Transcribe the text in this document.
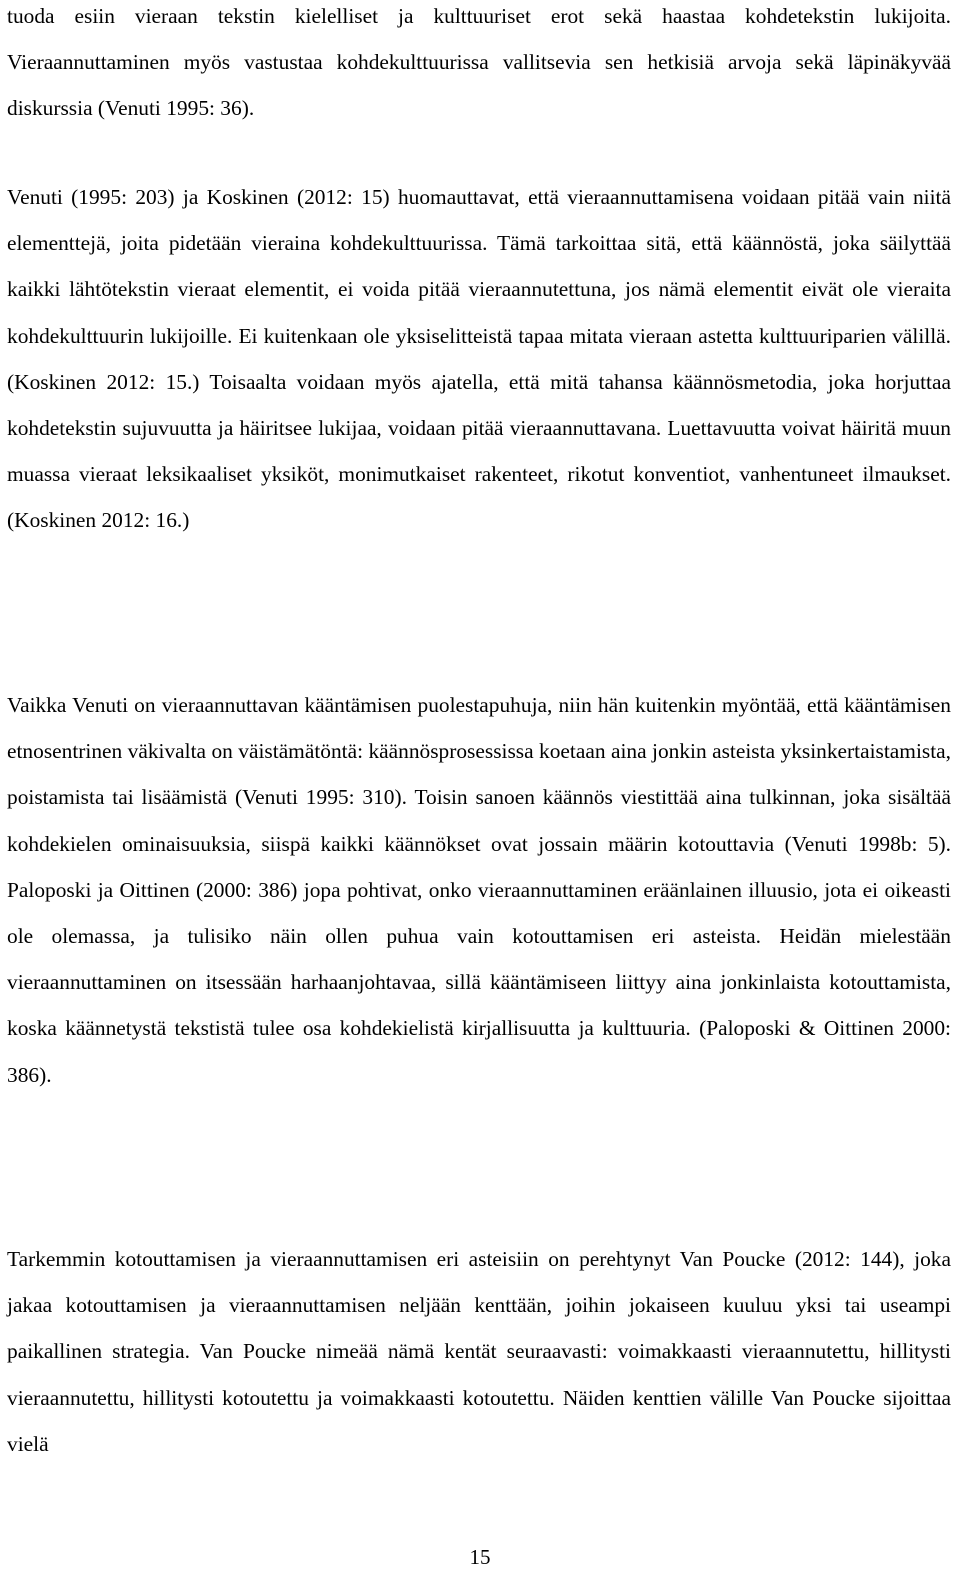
tuoda esiin vieraan tekstin kielelliset ja kulttuuriset erot sekä haastaa kohdetekstin lukijoita. Vieraannuttaminen myös vastustaa kohdekulttuurissa vallitsevia sen hetkisiä arvoja sekä läpinäkyvää diskurssia (Venuti 1995: 36).

Venuti (1995: 203) ja Koskinen (2012: 15) huomauttavat, että vieraannuttamisena voidaan pitää vain niitä elementtejä, joita pidetään vieraina kohdekulttuurissa. Tämä tarkoittaa sitä, että käännöstä, joka säilyttää kaikki lähtötekstin vieraat elementit, ei voida pitää vieraannutettuna, jos nämä elementit eivät ole vieraita kohdekulttuurin lukijoille. Ei kuitenkaan ole yksiselitteistä tapaa mitata vieraan astetta kulttuuriparien välillä. (Koskinen 2012: 15.) Toisaalta voidaan myös ajatella, että mitä tahansa käännösmetodia, joka horjuttaa kohdetekstin sujuvuutta ja häiritsee lukijaa, voidaan pitää vieraannuttavana. Luettavuutta voivat häiritä muun muassa vieraat leksikaaliset yksiköt, monimutkaiset rakenteet, rikotut konventiot, vanhentuneet ilmaukset. (Koskinen 2012: 16.)

Vaikka Venuti on vieraannuttavan kääntämisen puolestapuhuja, niin hän kuitenkin myöntää, että kääntämisen etnosentrinen väkivalta on väistämätöntä: käännösprosessissa koetaan aina jonkin asteista yksinkertaistamista, poistamista tai lisäämistä (Venuti 1995: 310). Toisin sanoen käännös viestittää aina tulkinnan, joka sisältää kohdekielen ominaisuuksia, siispä kaikki käännökset ovat jossain määrin kotouttavia (Venuti 1998b: 5). Paloposki ja Oittinen (2000: 386) jopa pohtivat, onko vieraannuttaminen eräänlainen illuusio, jota ei oikeasti ole olemassa, ja tulisiko näin ollen puhua vain kotouttamisen eri asteista. Heidän mielestään vieraannuttaminen on itsessään harhaanjohtavaa, sillä kääntämiseen liittyy aina jonkinlaista kotouttamista, koska käännetystä tekstistä tulee osa kohdekielistä kirjallisuutta ja kulttuuria. (Paloposki & Oittinen 2000: 386).

Tarkemmin kotouttamisen ja vieraannuttamisen eri asteisiin on perehtynyt Van Poucke (2012: 144), joka jakaa kotouttamisen ja vieraannuttamisen neljään kenttään, joihin jokaiseen kuuluu yksi tai useampi paikallinen strategia. Van Poucke nimeää nämä kentät seuraavasti: voimakkaasti vieraannutettu, hillitysti vieraannutettu, hillitysti kotoutettu ja voimakkaasti kotoutettu. Näiden kenttien välille Van Poucke sijoittaa vielä

15
